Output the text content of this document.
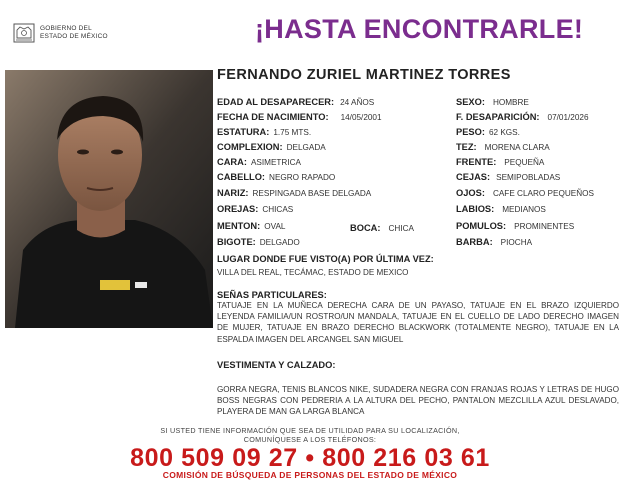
GOBIERNO DEL
ESTADO DE MÉXICO	¡HASTA ENCONTRARLE!
FERNANDO ZURIEL MARTINEZ TORRES
EDAD AL DESAPARECER: 24 AÑOS
FECHA DE NACIMIENTO: 14/05/2001
ESTATURA: 1.75 MTS.
COMPLEXION: DELGADA
CARA: ASIMETRICA
CABELLO: NEGRO RAPADO
NARIZ: RESPINGADA BASE DELGADA
OREJAS: CHICAS
MENTON: OVAL
BIGOTE: DELGADO
BOCA: CHICA
SEXO: HOMBRE
F. DESAPARICIÓN: 07/01/2026
PESO: 62 KGS.
TEZ: MORENA CLARA
FRENTE: PEQUEÑA
CEJAS: SEMIPOBLADAS
OJOS: CAFE CLARO PEQUEÑOS
LABIOS: MEDIANOS
POMULOS: PROMINENTES
BARBA: PIOCHA
LUGAR DONDE FUE VISTO(A) POR ÚLTIMA VEZ:
VILLA DEL REAL, TECÁMAC, ESTADO DE MEXICO
SEÑAS PARTICULARES:
TATUAJE EN LA MUÑECA DERECHA CARA DE UN PAYASO, TATUAJE EN EL BRAZO IZQUIERDO LEYENDA FAMILIA/UN ROSTRO/UN MANDALA, TATUAJE EN EL CUELLO DE LADO DERECHO IMAGEN DE MUJER, TATUAJE EN BRAZO DERECHO BLACKWORK (TOTALMENTE NEGRO), TATUAJE EN LA ESPALDA IMAGEN DEL ARCANGEL SAN MIGUEL
VESTIMENTA Y CALZADO:
GORRA NEGRA, TENIS BLANCOS NIKE, SUDADERA NEGRA CON FRANJAS ROJAS Y LETRAS DE HUGO BOSS NEGRAS CON PEDRERIA A LA ALTURA DEL PECHO, PANTALON MEZCLILLA AZUL DESLAVADO, PLAYERA DE MAN GA LARGA BLANCA
SI USTED TIENE INFORMACIÓN QUE SEA DE UTILIDAD PARA SU LOCALIZACIÓN,
COMUNÍQUESE A LOS TELÉFONOS:
800 509 09 27 • 800 216 03 61
COMISIÓN DE BÚSQUEDA DE PERSONAS DEL ESTADO DE MÉXICO
